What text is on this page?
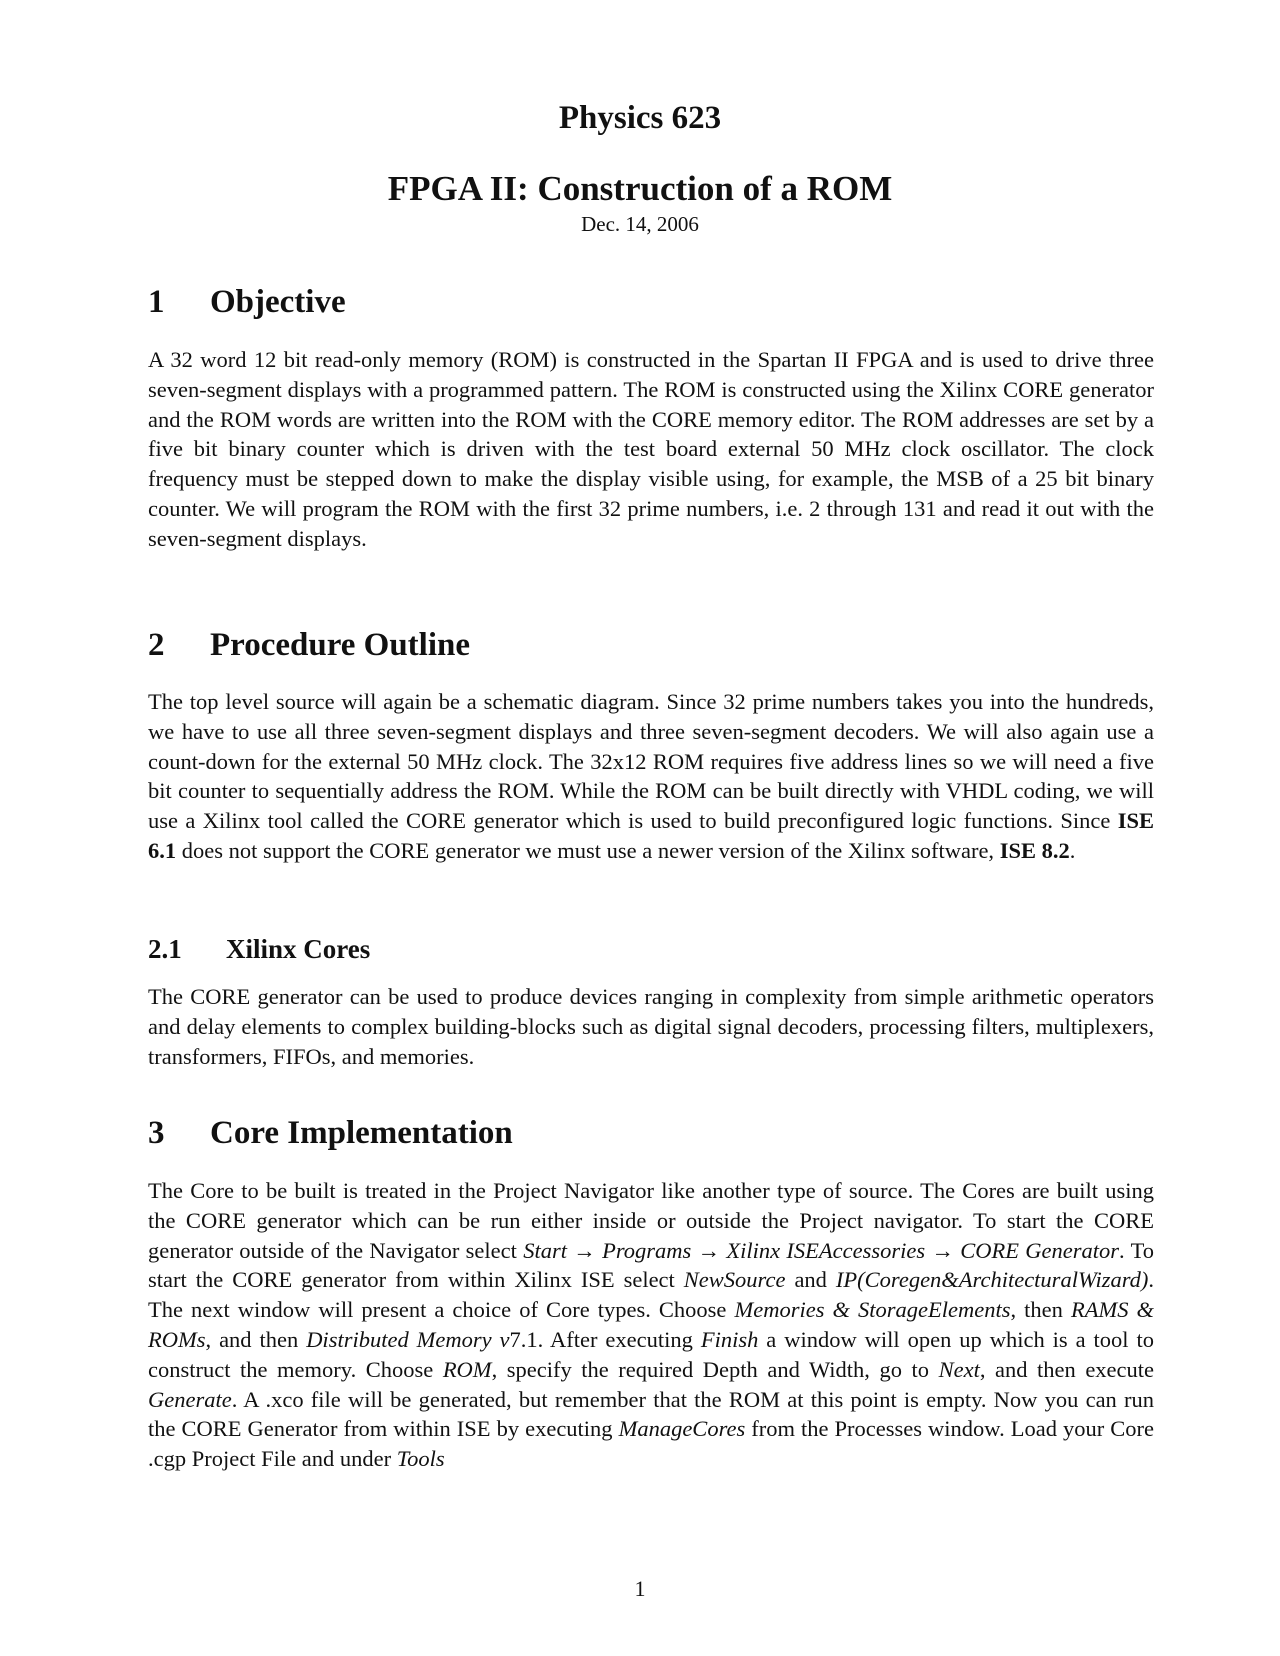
Physics 623
FPGA II: Construction of a ROM
Dec. 14, 2006
1 Objective
A 32 word 12 bit read-only memory (ROM) is constructed in the Spartan II FPGA and is used to drive three seven-segment displays with a programmed pattern. The ROM is constructed using the Xilinx CORE generator and the ROM words are written into the ROM with the CORE memory editor. The ROM addresses are set by a five bit binary counter which is driven with the test board external 50 MHz clock oscillator. The clock frequency must be stepped down to make the display visible using, for example, the MSB of a 25 bit binary counter. We will program the ROM with the first 32 prime numbers, i.e. 2 through 131 and read it out with the seven-segment displays.
2 Procedure Outline
The top level source will again be a schematic diagram. Since 32 prime numbers takes you into the hundreds, we have to use all three seven-segment displays and three seven-segment decoders. We will also again use a count-down for the external 50 MHz clock. The 32x12 ROM requires five address lines so we will need a five bit counter to sequentially address the ROM. While the ROM can be built directly with VHDL coding, we will use a Xilinx tool called the CORE generator which is used to build preconfigured logic functions. Since ISE 6.1 does not support the CORE generator we must use a newer version of the Xilinx software, ISE 8.2.
2.1 Xilinx Cores
The CORE generator can be used to produce devices ranging in complexity from simple arithmetic operators and delay elements to complex building-blocks such as digital signal decoders, processing filters, multiplexers, transformers, FIFOs, and memories.
3 Core Implementation
The Core to be built is treated in the Project Navigator like another type of source. The Cores are built using the CORE generator which can be run either inside or outside the Project navigator. To start the CORE generator outside of the Navigator select Start → Programs → Xilinx ISEAccessories → CORE Generator. To start the CORE generator from within Xilinx ISE select NewSource and IP(Coregen&ArchitecturalWizard). The next window will present a choice of Core types. Choose Memories & StorageElements, then RAMS & ROMs, and then Distributed Memory v7.1. After executing Finish a window will open up which is a tool to construct the memory. Choose ROM, specify the required Depth and Width, go to Next, and then execute Generate. A .xco file will be generated, but remember that the ROM at this point is empty. Now you can run the CORE Generator from within ISE by executing ManageCores from the Processes window. Load your Core .cgp Project File and under Tools
1
